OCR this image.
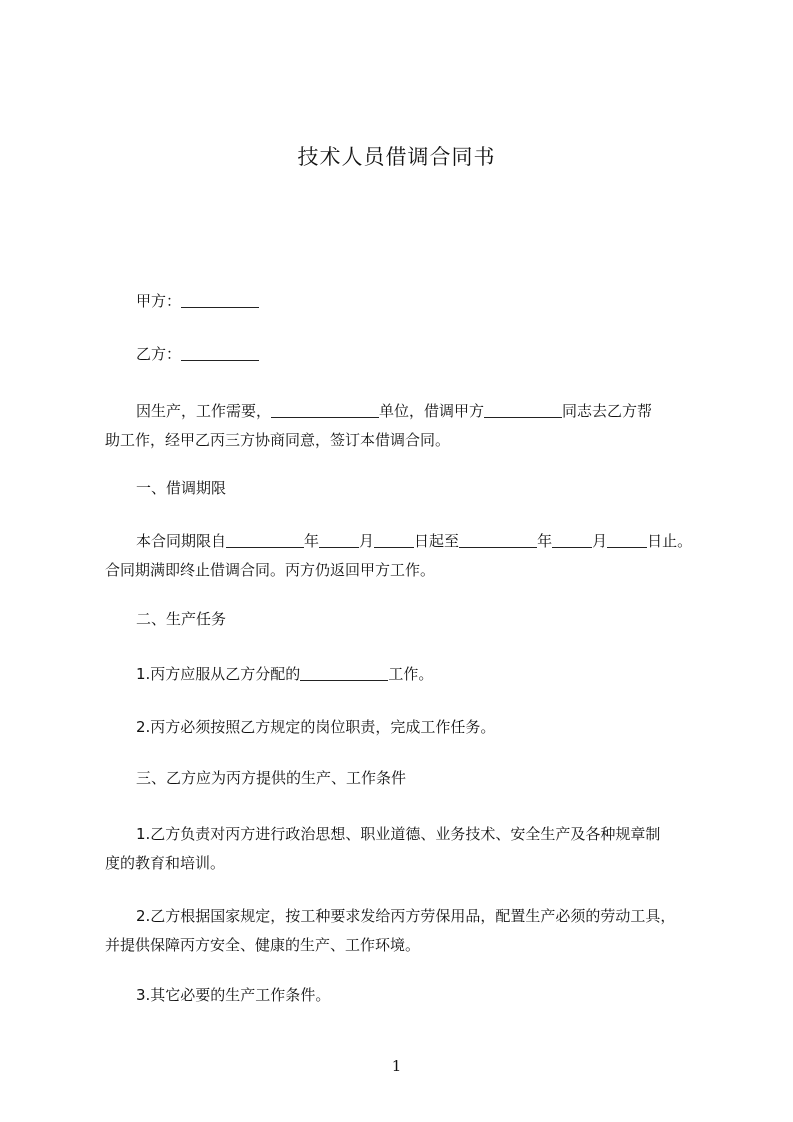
技术人员借调合同书
甲方：
乙方：
因生产，工作需要，	单位，借调甲方	同志去乙方帮
助工作，经甲乙丙三方协商同意，签订本借调合同。
一、借调期限
本合同期限自	年	月	日起至	年	月	日止。
合同期满即终止借调合同。丙方仍返回甲方工作。
二、生产任务
1.丙方应服从乙方分配的	工作。
2.丙方必须按照乙方规定的岗位职责，完成工作任务。
三、乙方应为丙方提供的生产、工作条件
1.乙方负责对丙方进行政治思想、职业道德、业务技术、安全生产及各种规章制
度的教育和培训。
2.乙方根据国家规定，按工种要求发给丙方劳保用品，配置生产必须的劳动工具，
并提供保障丙方安全、健康的生产、工作环境。
3.其它必要的生产工作条件。
1
